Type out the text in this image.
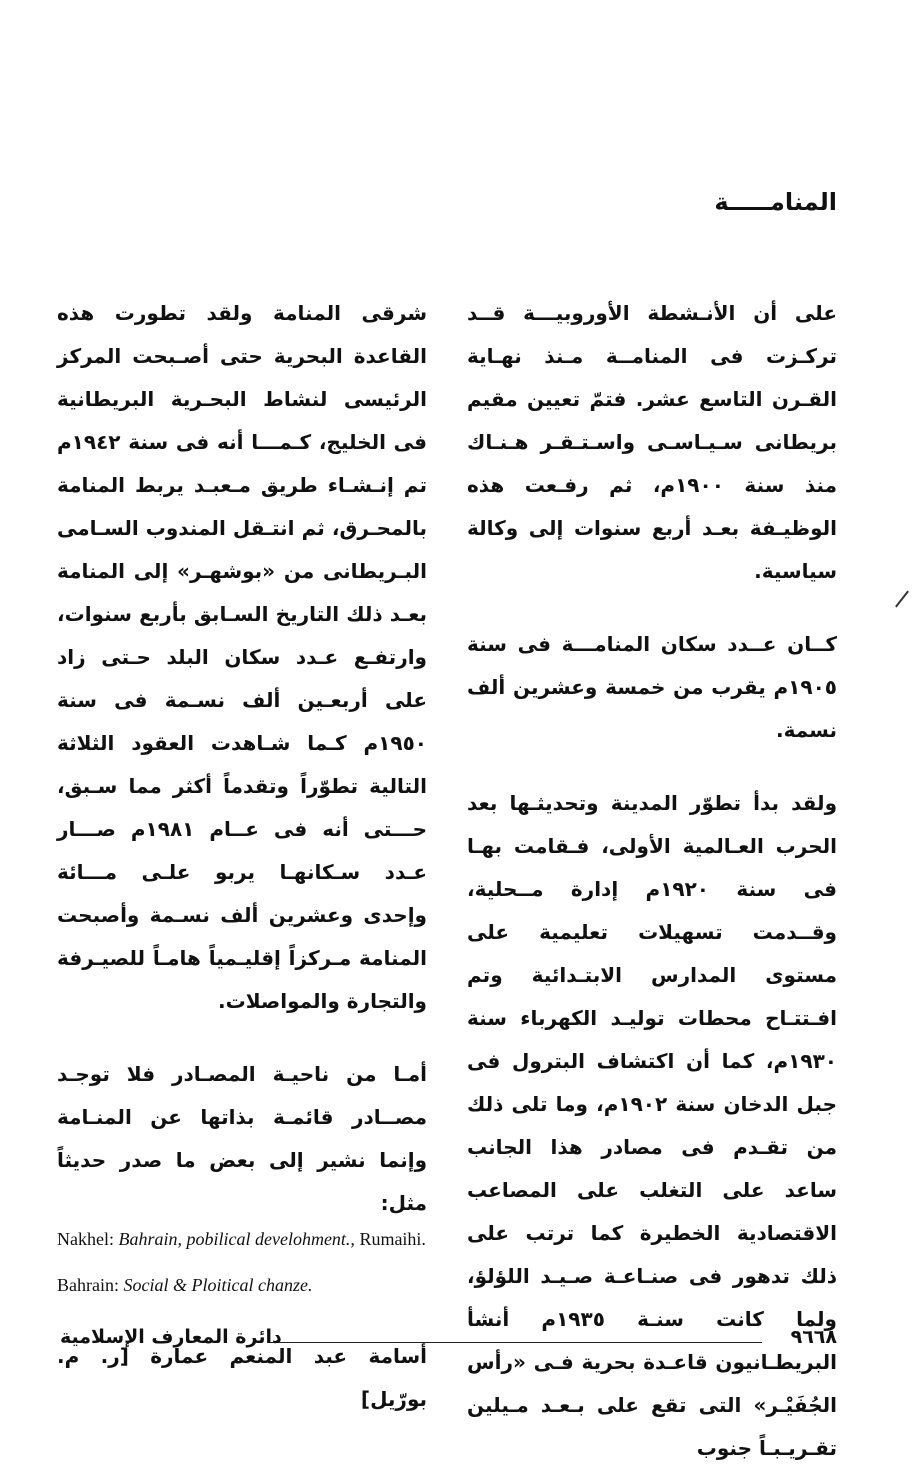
المنامـــــة

على أن الأنـشطة الأوروبيـــة قــد تركـزت فى المنامــة مـنذ نهـاية القـرن التاسع عشر. فتمّ تعيين مقيم بريطانى سـيـاسـى واسـتـقـر هـنـاك منذ سنة ١٩٠٠م، ثم رفـعت هذه الوظيـفة بعـد أربع سنوات إلى وكالة سياسية.

كــان عــدد سكان المنامـــة فى سنة ١٩٠٥م يقرب من خمسة وعشرين ألف نسمة.

ولقد بدأ تطوّر المدينة وتحديثـها بعد الحرب العـالمية الأولى، فـقامت بهـا فى سنة ١٩٢٠م إدارة مــحلية، وقــدمت تسهيلات تعليمية على مستوى المدارس الابتـدائية وتم افـتتـاح محطات توليـد الكهرباء سنة ١٩٣٠م، كما أن اكتشاف البترول فى جبل الدخان سنة ١٩٠٢م، وما تلى ذلك من تقـدم فى مصادر هذا الجانب ساعد على التغلب على المصاعب الاقتصادية الخطيرة كما ترتب على ذلك تدهور فى صنـاعـة صـيـد اللؤلؤ، ولما كانت سنـة ١٩٣٥م أنشأ البريطـانيون قاعـدة بحرية فـى «رأس الجُفَيْـر» التى تقع على بـعـد مـيلين تقـريـبـاً جنوب

شرقى المنامة ولقد تطورت هذه القاعدة البحرية حتى أصـبحت المركز الرئيسى لنشاط البحـرية البريطانية فى الخليج، كـمـــا أنه فى سنة ١٩٤٢م تم إنـشـاء طريق مـعبـد يربط المنامة بالمحـرق، ثم انتـقل المندوب السـامى البـريطانى من «بوشهـر» إلى المنامة بعـد ذلك التاريخ السـابق بأربع سنوات، وارتفـع عـدد سكان البلد حـتى زاد على أربعـين ألف نسـمة فى سنة ١٩٥٠م كـما شـاهدت العقود الثلاثة التالية تطوّراً وتقدماً أكثر مما سـبق، حـــتى أنه فى عــام ١٩٨١م صـــار عـدد سـكانهـا يربو علـى مـــائة وإحدى وعشرين ألف نسـمة وأصبحت المنامة مـركزاً إقليـمياً هامـاً للصيـرفة والتجارة والمواصلات.

أمـا من ناحيـة المصـادر فلا توجـد مصــادر قائمـة بذاتها عن المنـامة وإنما نشير إلى بعض ما صدر حديثاً مثل:

Nakhel: Bahrain, pobilical develohment., Rumaihi.

Bahrain: Social & Ploitical chanze.

أسامة عبد المنعم عمارة [ر. م. بورّيل]

٩٦٦٨
دائرة المعارف الإسلامية
